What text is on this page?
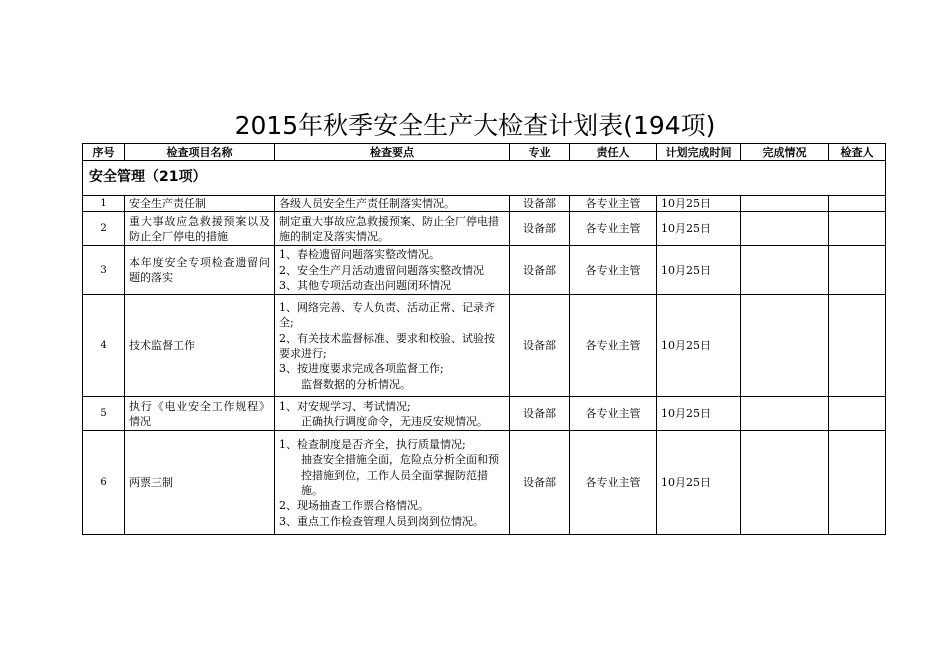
2015年秋季安全生产大检查计划表(194项)
序号	检查项目名称	检查要点	专业	责任人	计划完成时间	完成情况	检查人
安全管理（21项）							
1	安全生产责任制	各级人员安全生产责任制落实情况。	设备部	各专业主管	10月25日		
2	重大事故应急救援预案以及防止全厂停电的措施	制定重大事故应急救援预案、防止全厂停电措施的制定及落实情况。	设备部	各专业主管	10月25日		
3	本年度安全专项检查遗留问题的落实	1、春检遗留问题落实整改情况。
2、安全生产月活动遗留问题落实整改情况
3、其他专项活动查出问题闭环情况	设备部	各专业主管	10月25日		
4	技术监督工作	1、网络完善、专人负责、活动正常、记录齐全;
2、有关技术监督标准、要求和校验、试验按要求进行;
3、按进度要求完成各项监督工作;
监督数据的分析情况。	设备部	各专业主管	10月25日		
5	执行《电业安全工作规程》情况	1、对安规学习、考试情况;
正确执行调度命令，无违反安规情况。	设备部	各专业主管	10月25日		
6	两票三制	1、检查制度是否齐全，执行质量情况;
抽查安全措施全面，危险点分析全面和预控措施到位，工作人员全面掌握防范措施。
2、现场抽查工作票合格情况。
3、重点工作检查管理人员到岗到位情况。	设备部	各专业主管	10月25日		
